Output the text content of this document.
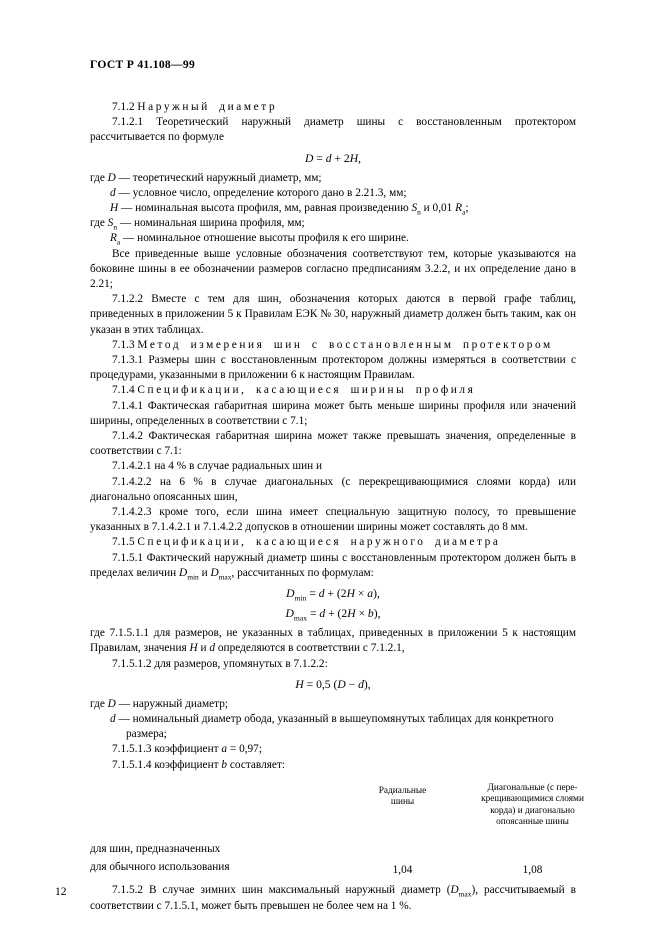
ГОСТ Р 41.108—99
7.1.2 Наружный диаметр
7.1.2.1 Теоретический наружный диаметр шины с восстановленным протектором рассчитывается по формуле
D = d + 2H,
где D — теоретический наружный диаметр, мм;
d — условное число, определение которого дано в 2.21.3, мм;
H — номинальная высота профиля, мм, равная произведению $S_n$ и 0,01 $R_a$;
где $S_n$ — номинальная ширина профиля, мм;
$R_a$ — номинальное отношение высоты профиля к его ширине.
Все приведенные выше условные обозначения соответствуют тем, которые указываются на боковине шины в ее обозначении размеров согласно предписаниям 3.2.2, и их определение дано в 2.21;
7.1.2.2 Вместе с тем для шин, обозначения которых даются в первой графе таблиц, приведенных в приложении 5 к Правилам ЕЭК № 30, наружный диаметр должен быть таким, как он указан в этих таблицах.
7.1.3 Метод измерения шин с восстановленным протектором
7.1.3.1 Размеры шин с восстановленным протектором должны измеряться в соответствии с процедурами, указанными в приложении 6 к настоящим Правилам.
7.1.4 Спецификации, касающиеся ширины профиля
7.1.4.1 Фактическая габаритная ширина может быть меньше ширины профиля или значений ширины, определенных в соответствии с 7.1;
7.1.4.2 Фактическая габаритная ширина может также превышать значения, определенные в соответствии с 7.1:
7.1.4.2.1 на 4 % в случае радиальных шин и
7.1.4.2.2 на 6 % в случае диагональных (с перекрещивающимися слоями корда) или диагонально опоясанных шин,
7.1.4.2.3 кроме того, если шина имеет специальную защитную полосу, то превышение указанных в 7.1.4.2.1 и 7.1.4.2.2 допусков в отношении ширины может составлять до 8 мм.
7.1.5 Спецификации, касающиеся наружного диаметра
7.1.5.1 Фактический наружный диаметр шины с восстановленным протектором должен быть в пределах величин $D_{min}$ и $D_{max}$, рассчитанных по формулам:
$D_{min} = d + (2H \times a)$,
$D_{max} = d + (2H \times b)$,
где 7.1.5.1.1 для размеров, не указанных в таблицах, приведенных в приложении 5 к настоящим Правилам, значения H и d определяются в соответствии с 7.1.2.1,
7.1.5.1.2 для размеров, упомянутых в 7.1.2.2:
H = 0,5 (D − d),
где D — наружный диаметр;
d — номинальный диаметр обода, указанный в вышеупомянутых таблицах для конкретного размера;
7.1.5.1.3 коэффициент a = 0,97;
7.1.5.1.4 коэффициент b составляет:
Радиальные
шины
Диагональные (с пере-
крещивающимися слоями
корда) и диагонально
опоясанные шины
для шин, предназначенных
для обычного использования	1,04	1,08
7.1.5.2 В случае зимних шин максимальный наружный диаметр $(D_{max})$, рассчитываемый в соответствии с 7.1.5.1, может быть превышен не более чем на 1 %.
12
